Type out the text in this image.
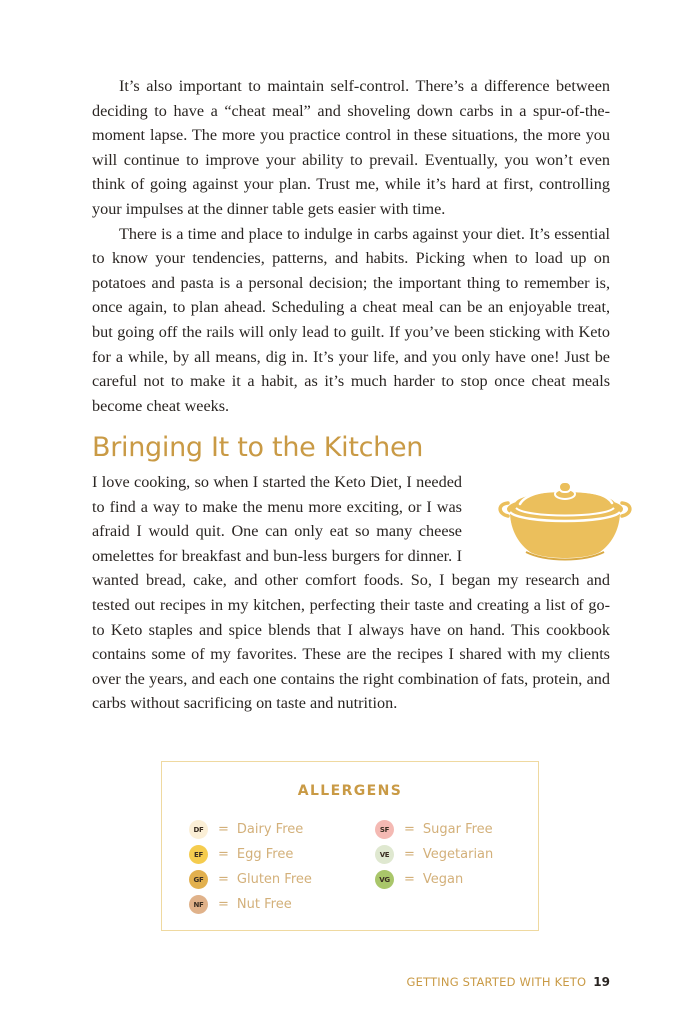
It’s also important to maintain self-control. There’s a difference between deciding to have a “cheat meal” and shoveling down carbs in a spur-of-the-moment lapse. The more you practice control in these situations, the more you will continue to improve your ability to prevail. Eventually, you won’t even think of going against your plan. Trust me, while it’s hard at first, controlling your impulses at the dinner table gets easier with time.

There is a time and place to indulge in carbs against your diet. It’s essential to know your tendencies, patterns, and habits. Picking when to load up on potatoes and pasta is a personal decision; the important thing to remember is, once again, to plan ahead. Scheduling a cheat meal can be an enjoyable treat, but going off the rails will only lead to guilt. If you’ve been sticking with Keto for a while, by all means, dig in. It’s your life, and you only have one! Just be careful not to make it a habit, as it’s much harder to stop once cheat meals become cheat weeks.

Bringing It to the Kitchen

I love cooking, so when I started the Keto Diet, I needed to find a way to make the menu more exciting, or I was afraid I would quit. One can only eat so many cheese omelettes for breakfast and bun-less burgers for dinner. I wanted bread, cake, and other comfort foods. So, I began my research and tested out recipes in my kitchen, perfecting their taste and creating a list of go-to Keto staples and spice blends that I always have on hand. This cookbook contains some of my favorites. These are the recipes I shared with my clients over the years, and each one contains the right combination of fats, protein, and carbs without sacrificing on taste and nutrition.

ALLERGENS
DF	= Dairy Free
EF	= Egg Free
GF	= Gluten Free
NF	= Nut Free
SF	= Sugar Free
VE	= Vegetarian
VG	= Vegan
GETTING STARTED WITH KETO 19
